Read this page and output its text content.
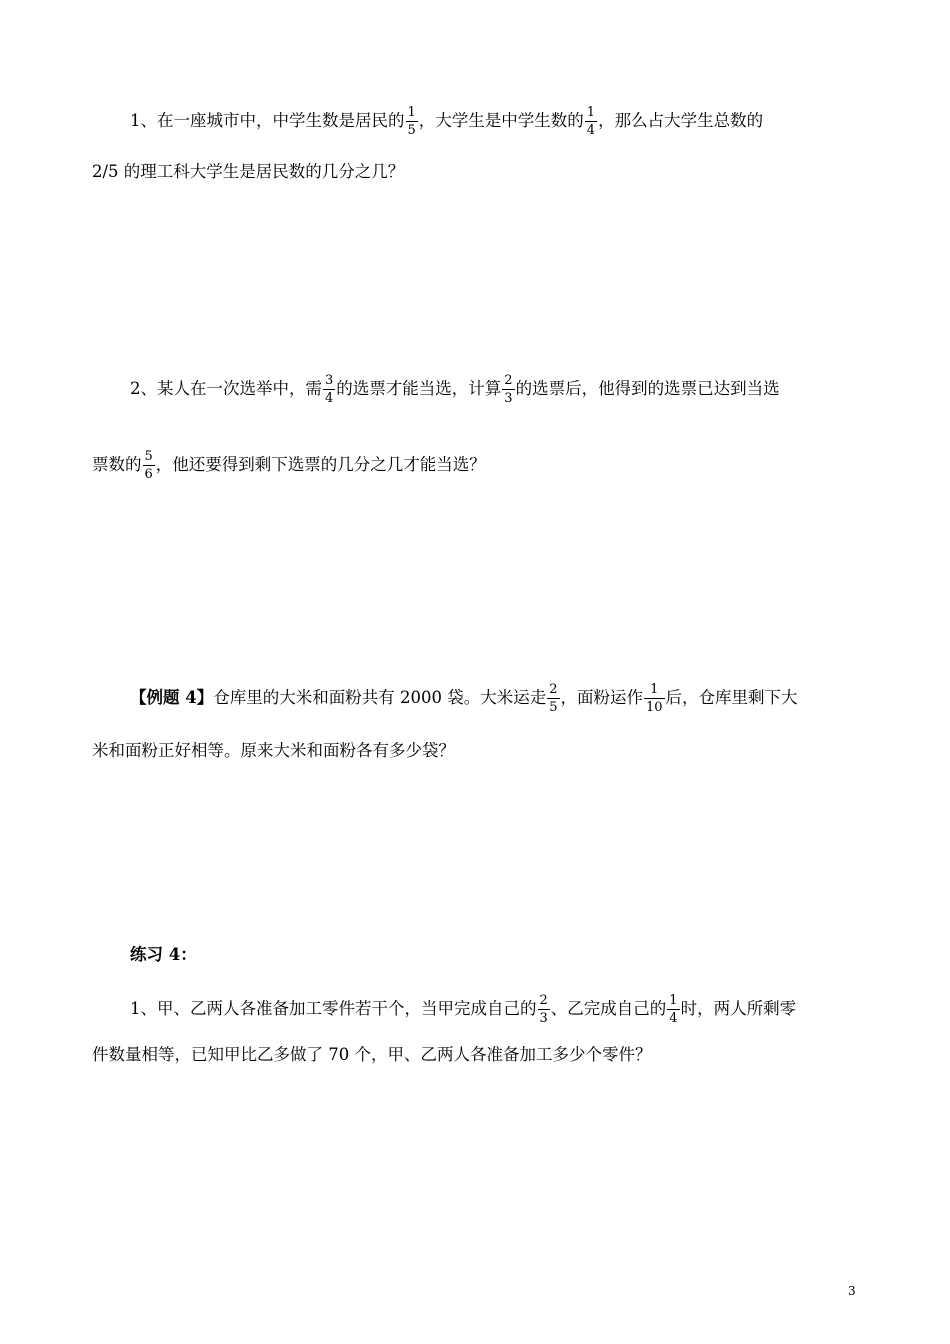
1、在一座城市中，中学生数是居民的 $\frac{1}{5}$ ，大学生是中学生数的 $\frac{1}{4}$ ，那么占大学生总数的
2/5 的理工科大学生是居民数的几分之几？
2、某人在一次选举中，需 $\frac{3}{4}$ 的选票才能当选，计算 $\frac{2}{3}$ 的选票后，他得到的选票已达到当选
票数的 $\frac{5}{6}$ ，他还要得到剩下选票的几分之几才能当选？
【例题 4】仓库里的大米和面粉共有 2000 袋。大米运走 $\frac{2}{5}$ ，面粉运作 $\frac{1}{10}$ 后，仓库里剩下大
米和面粉正好相等。原来大米和面粉各有多少袋？
练习 4：
1、甲、乙两人各准备加工零件若干个，当甲完成自己的 $\frac{2}{3}$ 、乙完成自己的 $\frac{1}{4}$ 时，两人所剩零
件数量相等，已知甲比乙多做了 70 个，甲、乙两人各准备加工多少个零件？
3
